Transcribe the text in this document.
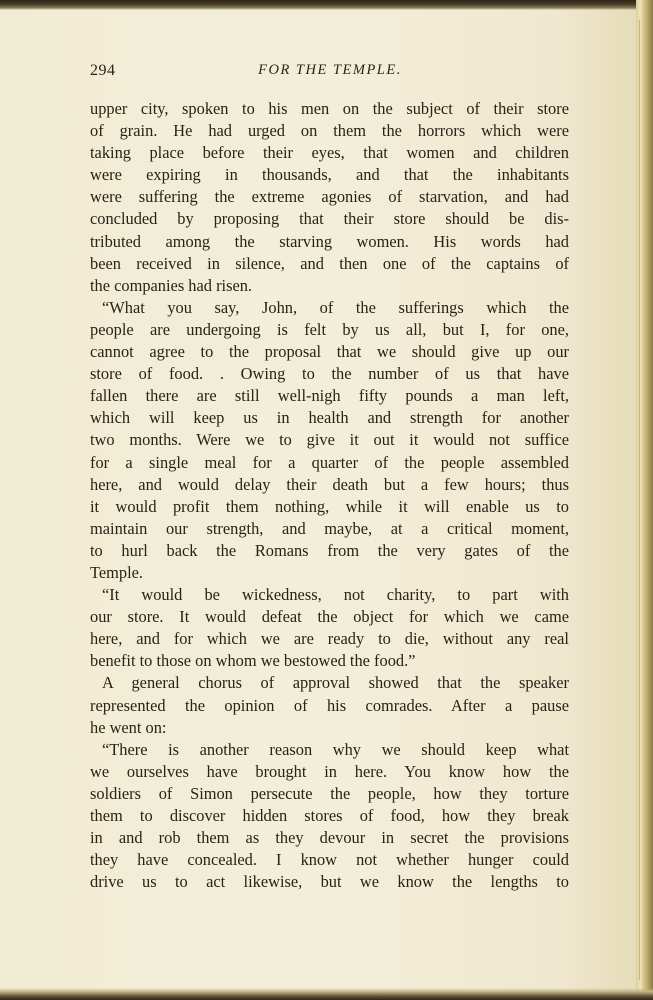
294	FOR THE TEMPLE.
upper city, spoken to his men on the subject of their store
of grain. He had urged on them the horrors which were
taking place before their eyes, that women and children
were expiring in thousands, and that the inhabitants
were suffering the extreme agonies of starvation, and had
concluded by proposing that their store should be dis-
tributed among the starving women. His words had
been received in silence, and then one of the captains of
the companies had risen.
“What you say, John, of the sufferings which the
people are undergoing is felt by us all, but I, for one,
cannot agree to the proposal that we should give up our
store of food. . Owing to the number of us that have
fallen there are still well-nigh fifty pounds a man left,
which will keep us in health and strength for another
two months. Were we to give it out it would not suffice
for a single meal for a quarter of the people assembled
here, and would delay their death but a few hours; thus
it would profit them nothing, while it will enable us to
maintain our strength, and maybe, at a critical moment,
to hurl back the Romans from the very gates of the
Temple.
“It would be wickedness, not charity, to part with
our store. It would defeat the object for which we came
here, and for which we are ready to die, without any real
benefit to those on whom we bestowed the food.”
A general chorus of approval showed that the speaker
represented the opinion of his comrades. After a pause
he went on:
“There is another reason why we should keep what
we ourselves have brought in here. You know how the
soldiers of Simon persecute the people, how they torture
them to discover hidden stores of food, how they break
in and rob them as they devour in secret the provisions
they have concealed. I know not whether hunger could
drive us to act likewise, but we know the lengths to
